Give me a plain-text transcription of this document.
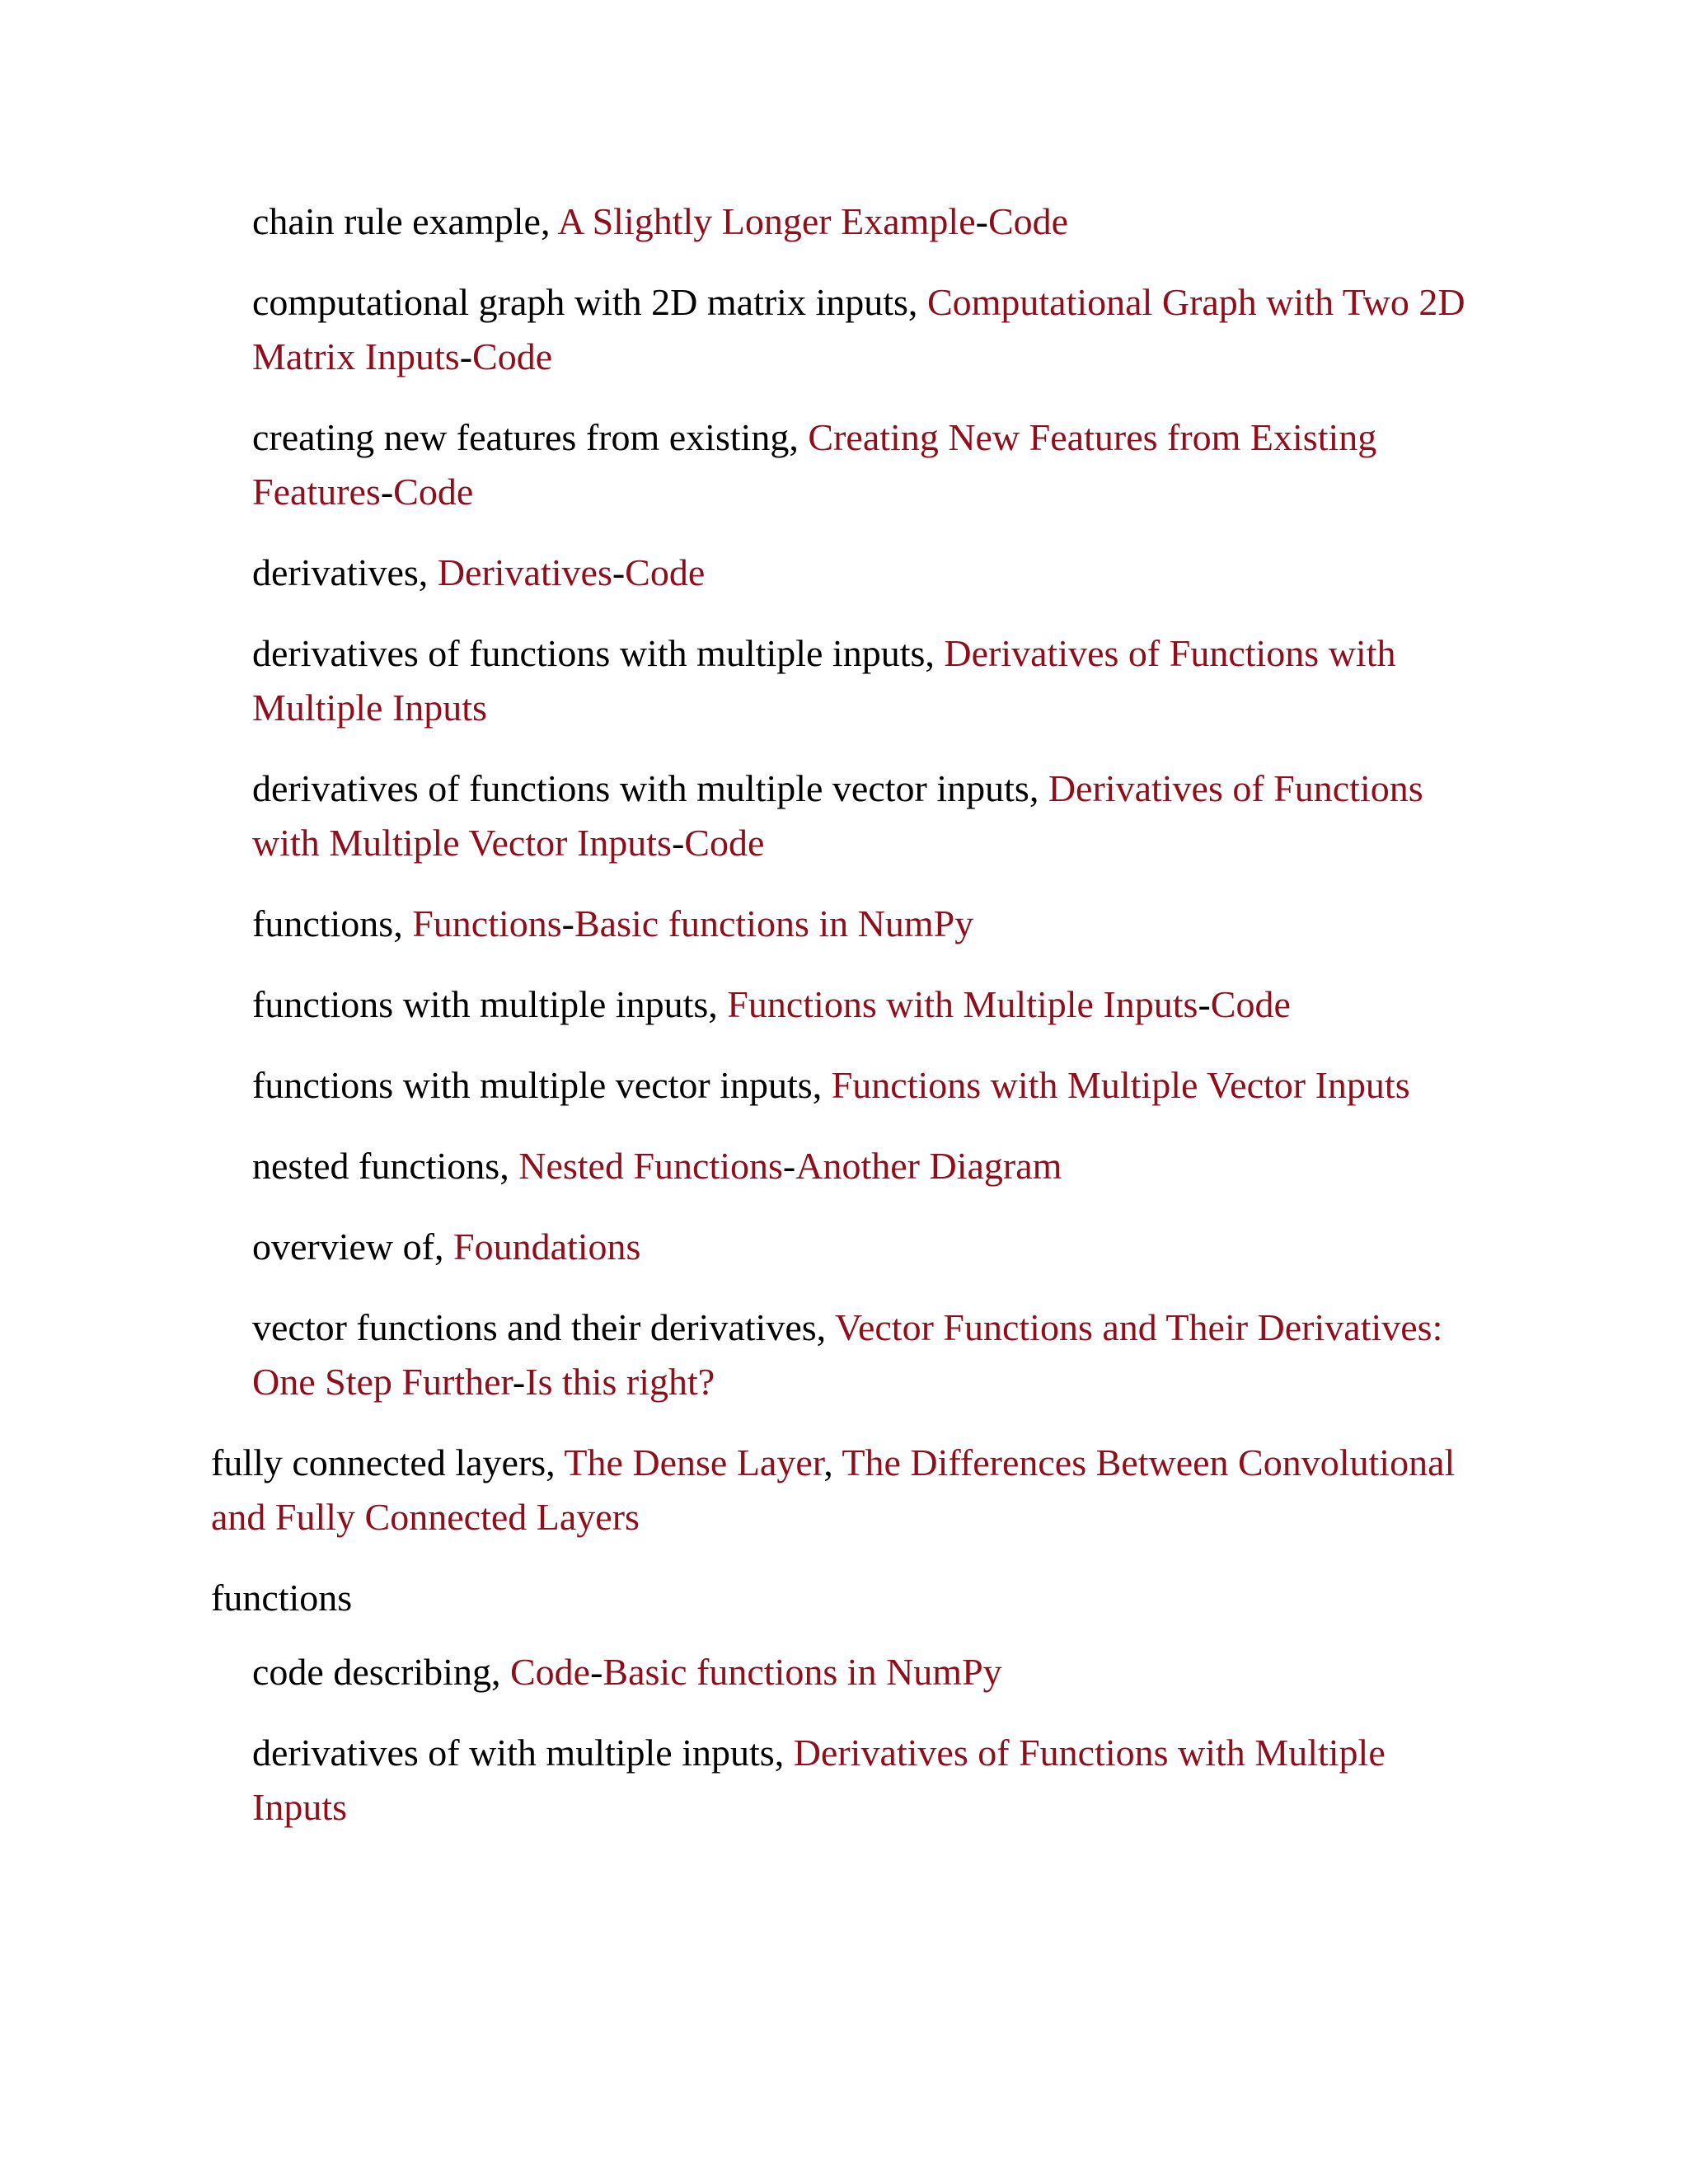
chain rule example, A Slightly Longer Example-Code
computational graph with 2D matrix inputs, Computational Graph with Two 2D Matrix Inputs-Code
creating new features from existing, Creating New Features from Existing Features-Code
derivatives, Derivatives-Code
derivatives of functions with multiple inputs, Derivatives of Functions with Multiple Inputs
derivatives of functions with multiple vector inputs, Derivatives of Functions with Multiple Vector Inputs-Code
functions, Functions-Basic functions in NumPy
functions with multiple inputs, Functions with Multiple Inputs-Code
functions with multiple vector inputs, Functions with Multiple Vector Inputs
nested functions, Nested Functions-Another Diagram
overview of, Foundations
vector functions and their derivatives, Vector Functions and Their Derivatives: One Step Further-Is this right?
fully connected layers, The Dense Layer, The Differences Between Convolutional and Fully Connected Layers
functions
code describing, Code-Basic functions in NumPy
derivatives of with multiple inputs, Derivatives of Functions with Multiple Inputs
